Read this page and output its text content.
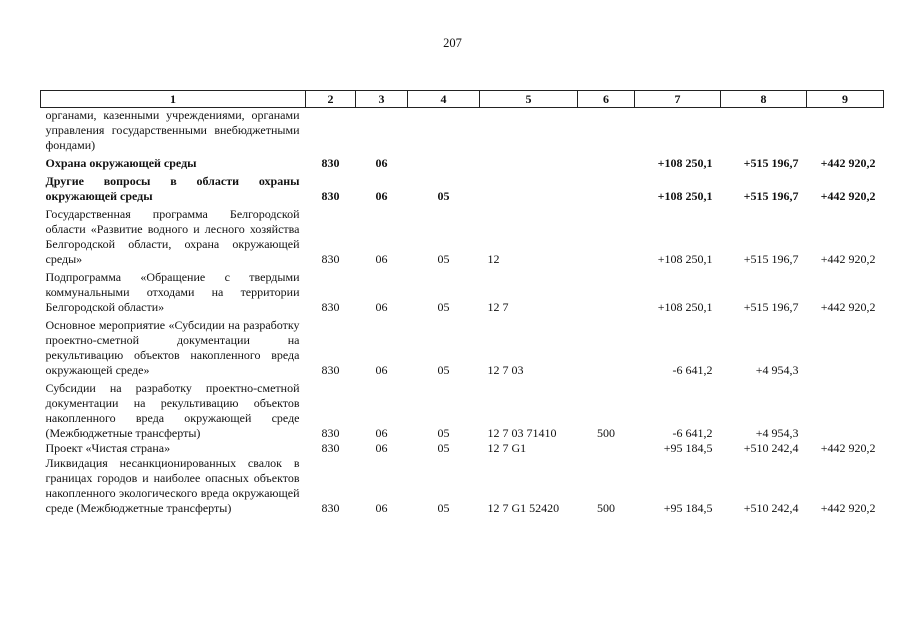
207
1	2	3	4	5	6	7	8	9
органами, казенными учреждениями, органами управления государственными внебюджетными фондами)								
Охрана окружающей среды	830	06				+108 250,1	+515 196,7	+442 920,2
Другие вопросы в области охраны окружающей среды	830	06	05			+108 250,1	+515 196,7	+442 920,2
Государственная программа Белгородской области «Развитие водного и лесного хозяйства Белгородской области, охрана окружающей среды»	830	06	05	12		+108 250,1	+515 196,7	+442 920,2
Подпрограмма «Обращение с твердыми коммунальными отходами на территории Белгородской области»	830	06	05	12 7		+108 250,1	+515 196,7	+442 920,2
Основное мероприятие «Субсидии на разработку проектно-сметной документации на рекультивацию объектов накопленного вреда окружающей среде»	830	06	05	12 7 03		-6 641,2	+4 954,3	
Субсидии на разработку проектно-сметной документации на рекультивацию объектов накопленного вреда окружающей среде (Межбюджетные трансферты)	830	06	05	12 7 03 71410	500	-6 641,2	+4 954,3	
Проект «Чистая страна»	830	06	05	12 7 G1		+95 184,5	+510 242,4	+442 920,2
Ликвидация несанкционированных свалок в границах городов и наиболее опасных объектов накопленного экологического вреда окружающей среде (Межбюджетные трансферты)	830	06	05	12 7 G1 52420	500	+95 184,5	+510 242,4	+442 920,2
